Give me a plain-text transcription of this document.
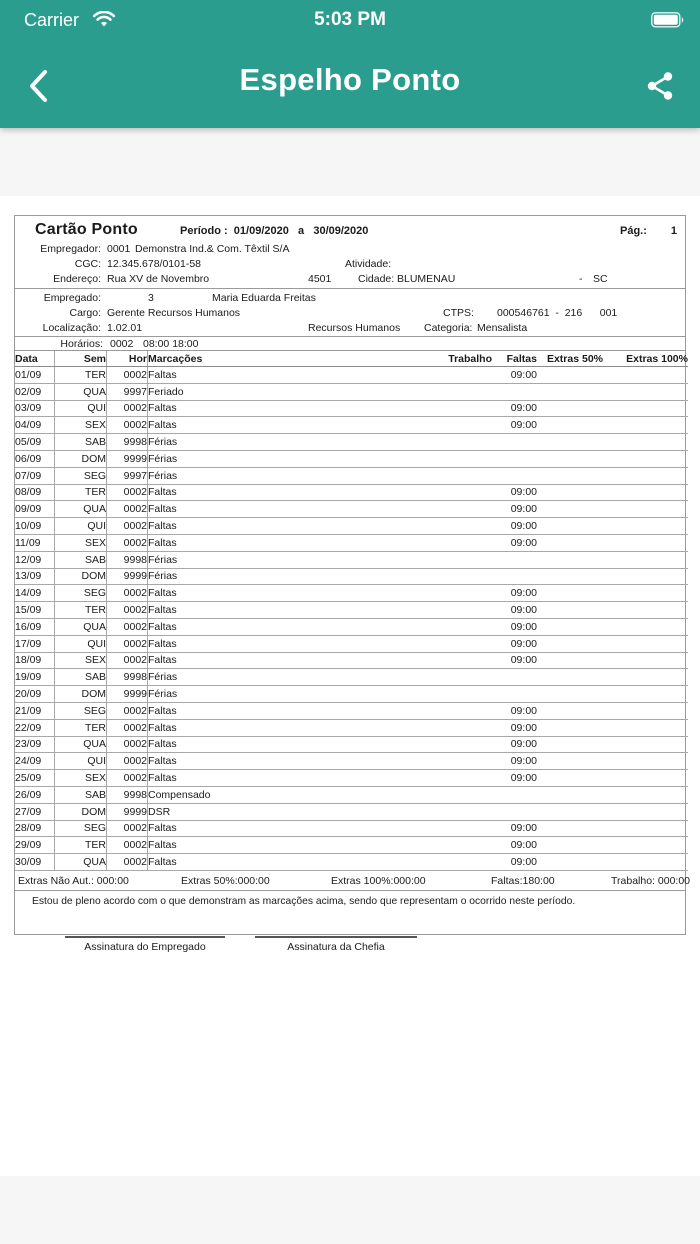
Carrier	5:03 PM
Espelho Ponto
Cartão Ponto	Período : 01/09/2020 a 30/09/2020	Pág.:	1
Empregador: 0001 Demonstra Ind.& Com. Têxtil S/A
CGC: 12.345.678/0101-58	Atividade:
Endereço: Rua XV de Novembro	4501	Cidade: BLUMENAU	- SC
Empregado:	3	Maria Eduarda Freitas
Cargo: Gerente Recursos Humanos	CTPS: 000546761  -  216      001
Localização: 1.02.01	Recursos Humanos Categoria: Mensalista
Horários: 0002 08:00 18:00
Data	Sem	Hor	Marcações	Trabalho	Faltas	Extras 50%	Extras 100%
01/09	TER	0002	Faltas		09:00		
02/09	QUA	9997	Feriado				
03/09	QUI	0002	Faltas		09:00		
04/09	SEX	0002	Faltas		09:00		
05/09	SAB	9998	Férias				
06/09	DOM	9999	Férias				
07/09	SEG	9997	Férias				
08/09	TER	0002	Faltas		09:00		
09/09	QUA	0002	Faltas		09:00		
10/09	QUI	0002	Faltas		09:00		
11/09	SEX	0002	Faltas		09:00		
12/09	SAB	9998	Férias				
13/09	DOM	9999	Férias				
14/09	SEG	0002	Faltas		09:00		
15/09	TER	0002	Faltas		09:00		
16/09	QUA	0002	Faltas		09:00		
17/09	QUI	0002	Faltas		09:00		
18/09	SEX	0002	Faltas		09:00		
19/09	SAB	9998	Férias				
20/09	DOM	9999	Férias				
21/09	SEG	0002	Faltas		09:00		
22/09	TER	0002	Faltas		09:00		
23/09	QUA	0002	Faltas		09:00		
24/09	QUI	0002	Faltas		09:00		
25/09	SEX	0002	Faltas		09:00		
26/09	SAB	9998	Compensado				
27/09	DOM	9999	DSR				
28/09	SEG	0002	Faltas		09:00		
29/09	TER	0002	Faltas		09:00		
30/09	QUA	0002	Faltas		09:00		
Extras Não Aut.: 000:00	Extras 50%:000:00	Extras 100%:000:00	Faltas:180:00	Trabalho: 000:00
Estou de pleno acordo com o que demonstram as marcações acima, sendo que representam o ocorrido neste período.
Assinatura do Empregado	Assinatura da Chefia
